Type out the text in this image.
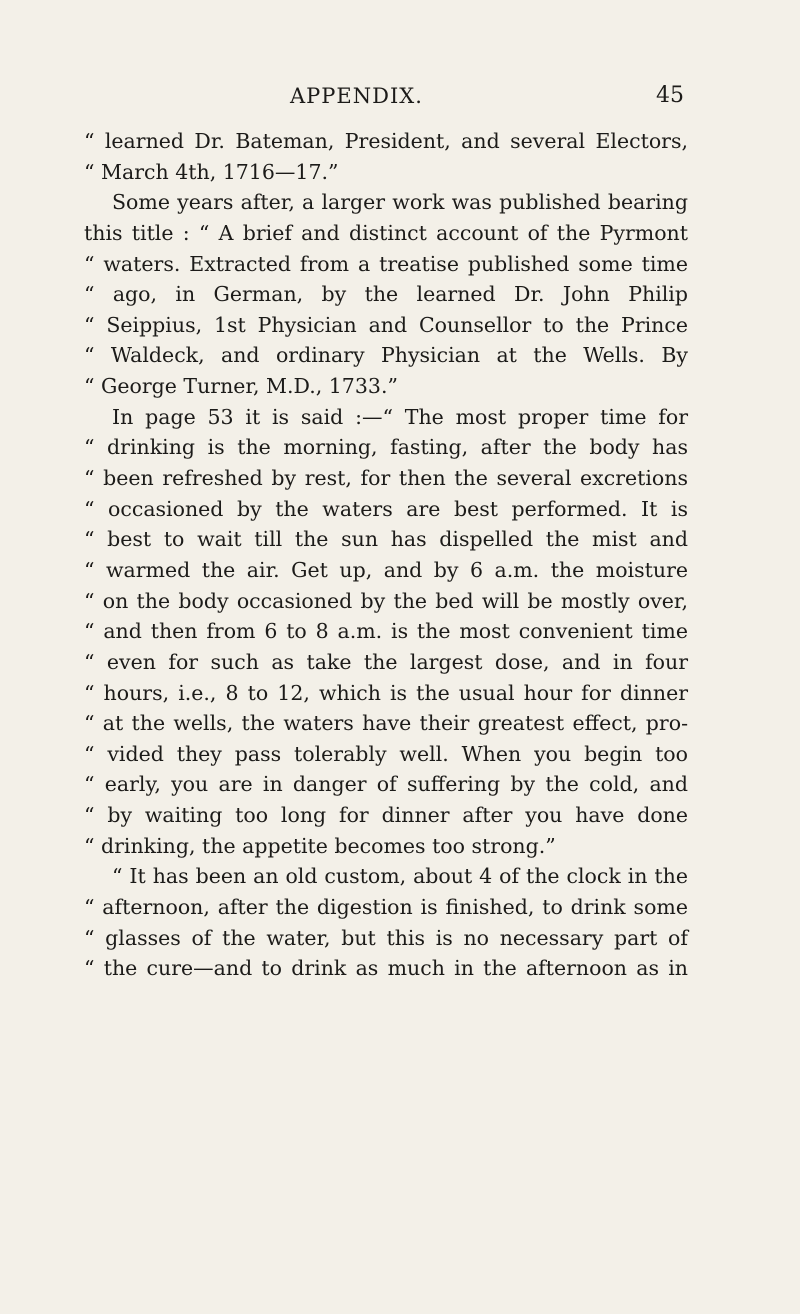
APPENDIX.	45
“ learned Dr. Bateman, President, and several Electors,
“ March 4th, 1716—17.”
Some years after, a larger work was published bearing
this title : “ A brief and distinct account of the Pyrmont
“ waters. Extracted from a treatise published some time
“ ago, in German, by the learned Dr. John Philip
“ Seippius, 1st Physician and Counsellor to the Prince
“ Waldeck, and ordinary Physician at the Wells. By
“ George Turner, M.D., 1733.”
In page 53 it is said :—“ The most proper time for
“ drinking is the morning, fasting, after the body has
“ been refreshed by rest, for then the several excretions
“ occasioned by the waters are best performed. It is
“ best to wait till the sun has dispelled the mist and
“ warmed the air. Get up, and by 6 a.m. the moisture
“ on the body occasioned by the bed will be mostly over,
“ and then from 6 to 8 a.m. is the most convenient time
“ even for such as take the largest dose, and in four
“ hours, i.e., 8 to 12, which is the usual hour for dinner
“ at the wells, the waters have their greatest effect, pro-
“ vided they pass tolerably well. When you begin too
“ early, you are in danger of suffering by the cold, and
“ by waiting too long for dinner after you have done
“ drinking, the appetite becomes too strong.”
“ It has been an old custom, about 4 of the clock in the
“ afternoon, after the digestion is finished, to drink some
“ glasses of the water, but this is no necessary part of
“ the cure—and to drink as much in the afternoon as in
